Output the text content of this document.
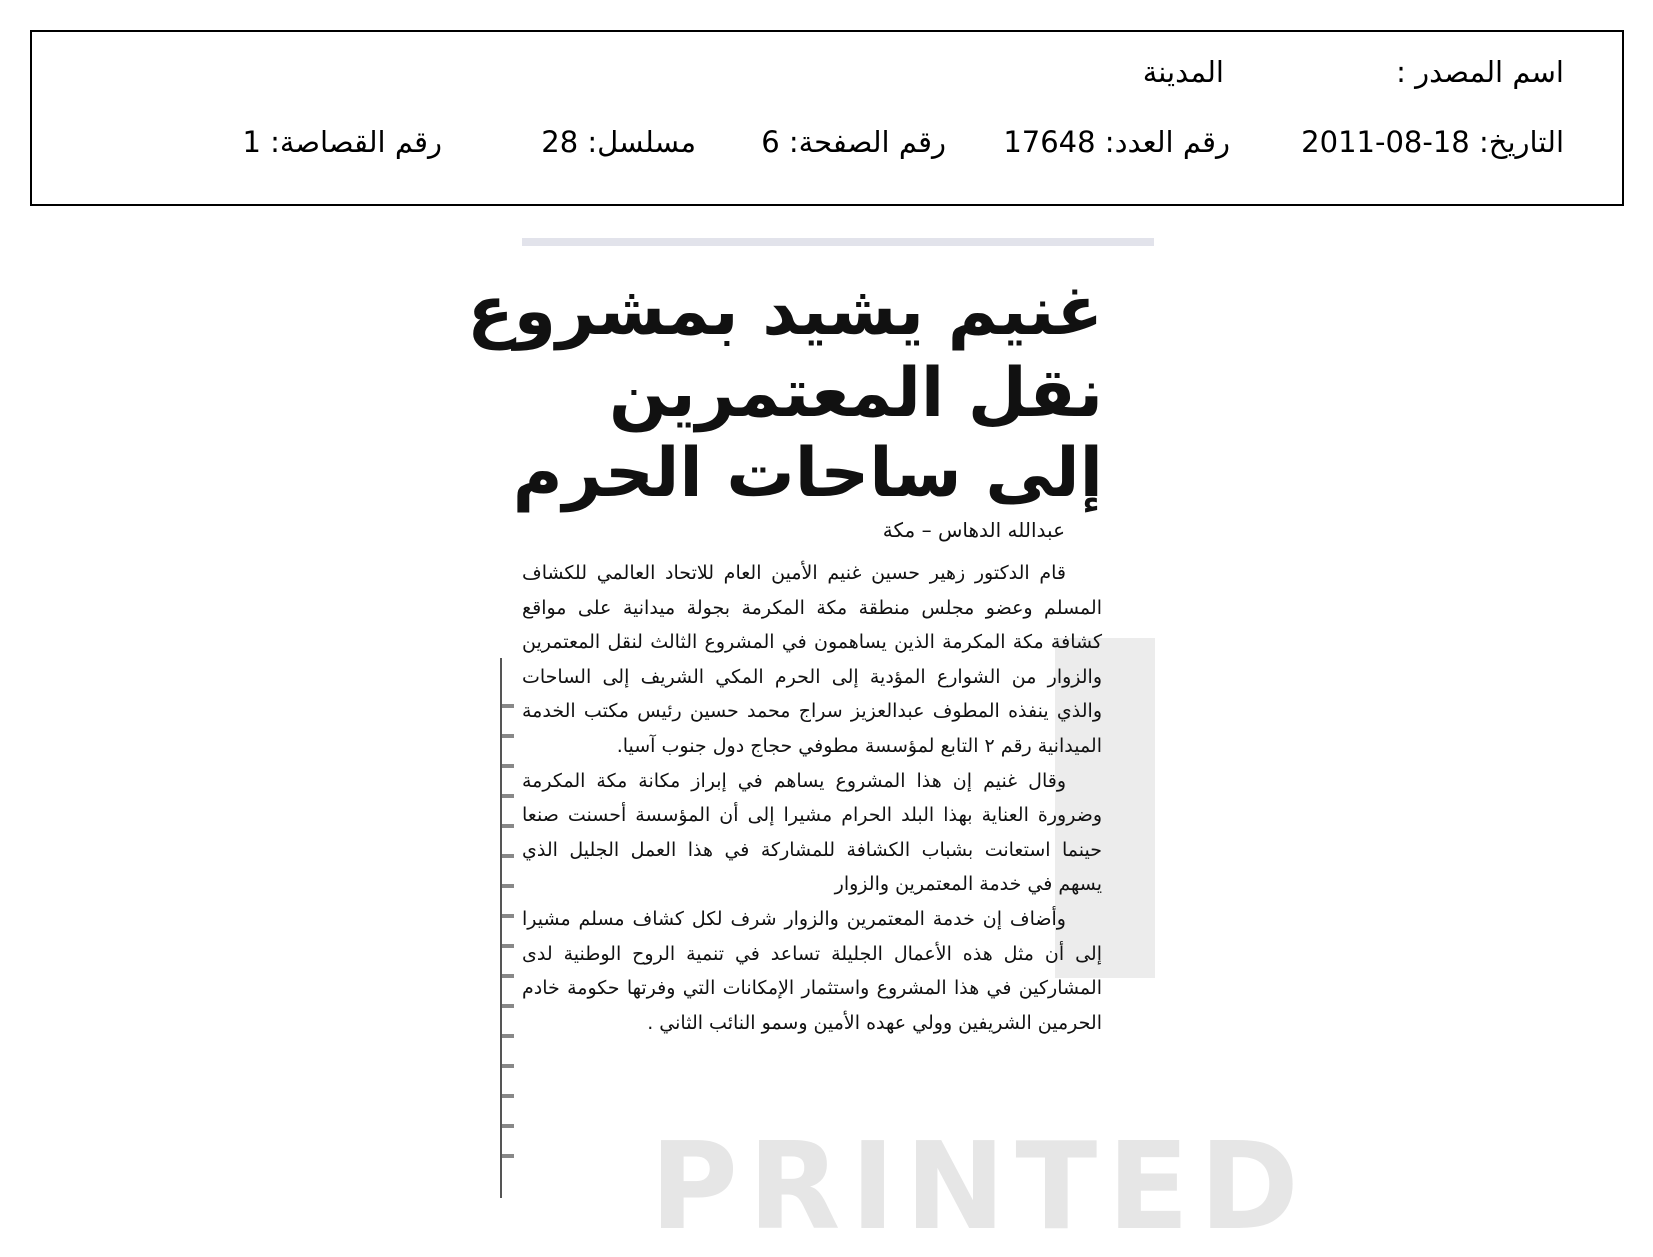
اسم المصدر :
المدينة
التاريخ: 18-08-2011
رقم العدد: 17648
رقم الصفحة: 6
مسلسل: 28
رقم القصاصة: 1
PRINTED
غنيم يشيد بمشروع
نقل المعتمرين
إلى ساحات الحرم
عبدالله الدهاس – مكة

قام الدكتور زهير حسين غنيم الأمين العام للاتحاد العالمي للكشاف المسلم وعضو مجلس منطقة مكة المكرمة بجولة ميدانية على مواقع كشافة مكة المكرمة الذين يساهمون في المشروع الثالث لنقل المعتمرين والزوار من الشوارع المؤدية إلى الحرم المكي الشريف إلى الساحات والذي ينفذه المطوف عبدالعزيز سراج محمد حسين رئيس مكتب الخدمة الميدانية رقم ٢ التابع لمؤسسة مطوفي حجاج دول جنوب آسيا.

وقال غنيم إن هذا المشروع يساهم في إبراز مكانة مكة المكرمة وضرورة العناية بهذا البلد الحرام مشيرا إلى أن المؤسسة أحسنت صنعا حينما استعانت بشباب الكشافة للمشاركة في هذا العمل الجليل الذي يسهم في خدمة المعتمرين والزوار

وأضاف إن خدمة المعتمرين والزوار شرف لكل كشاف مسلم مشيرا إلى أن مثل هذه الأعمال الجليلة تساعد في تنمية الروح الوطنية لدى المشاركين في هذا المشروع واستثمار الإمكانات التي وفرتها حكومة خادم الحرمين الشريفين وولي عهده الأمين وسمو النائب الثاني .
